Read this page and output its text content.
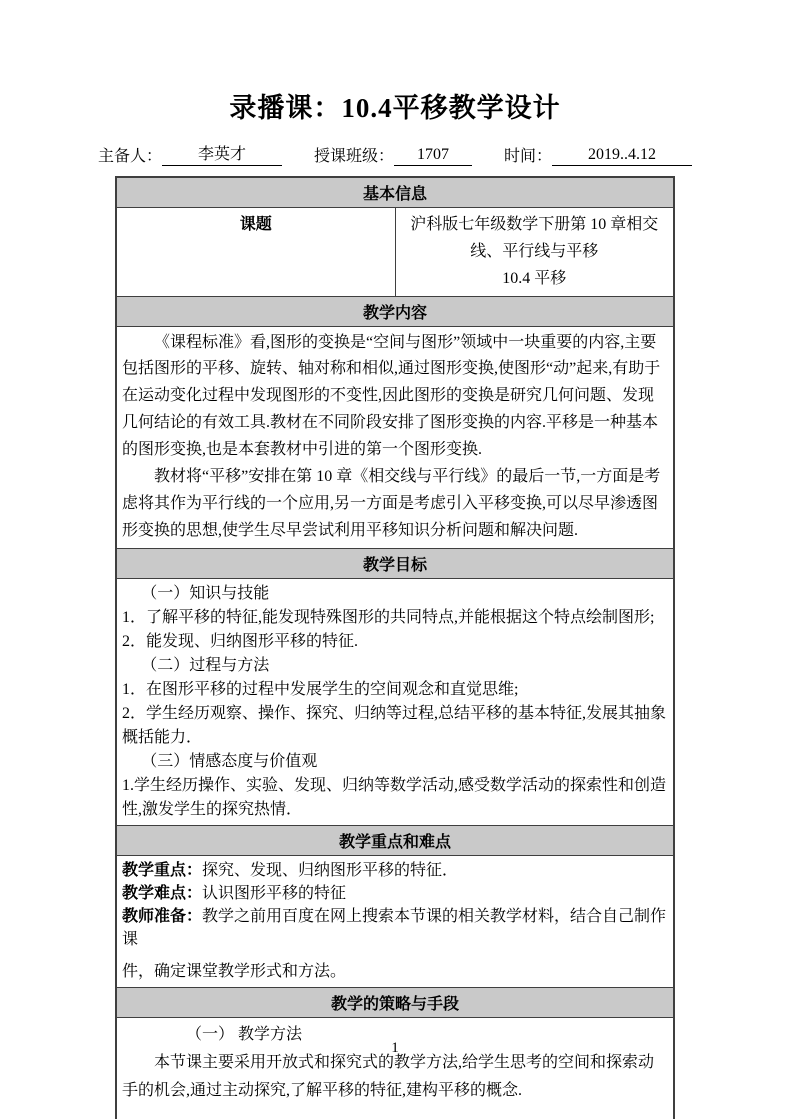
录播课：10.4平移教学设计
主备人： 李英才	授课班级： 1707	时间： 2019..4.12
基本信息
课题	沪科版七年级数学下册第 10 章相交线、平行线与平移
10.4 平移

教学内容

《课程标准》看,图形的变换是“空间与图形”领域中一块重要的内容,主要包括图形的平移、旋转、轴对称和相似,通过图形变换,使图形“动”起来,有助于在运动变化过程中发现图形的不变性,因此图形的变换是研究几何问题、发现几何结论的有效工具.教材在不同阶段安排了图形变换的内容.平移是一种基本的图形变换,也是本套教材中引进的第一个图形变换.

教材将“平移”安排在第 10 章《相交线与平行线》的最后一节,一方面是考虑将其作为平行线的一个应用,另一方面是考虑引入平移变换,可以尽早渗透图形变换的思想,使学生尽早尝试利用平移知识分析问题和解决问题.

教学目标

（一）知识与技能

1．了解平移的特征,能发现特殊图形的共同特点,并能根据这个特点绘制图形;

2．能发现、归纳图形平移的特征.

（二）过程与方法

1．在图形平移的过程中发展学生的空间观念和直觉思维;

2．学生经历观察、操作、探究、归纳等过程,总结平移的基本特征,发展其抽象概括能力．

（三）情感态度与价值观

1.学生经历操作、实验、发现、归纳等数学活动,感受数学活动的探索性和创造性,激发学生的探究热情．

教学重点和难点

教学重点：探究、发现、归纳图形平移的特征．

教学难点：认识图形平移的特征

教师准备：教学之前用百度在网上搜索本节课的相关教学材料，结合自己制作课

件，确定课堂教学形式和方法。

教学的策略与手段

（一） 教学方法

本节课主要采用开放式和探究式的教学方法,给学生思考的空间和探索动手的机会,通过主动探究,了解平移的特征,建构平移的概念.

1
